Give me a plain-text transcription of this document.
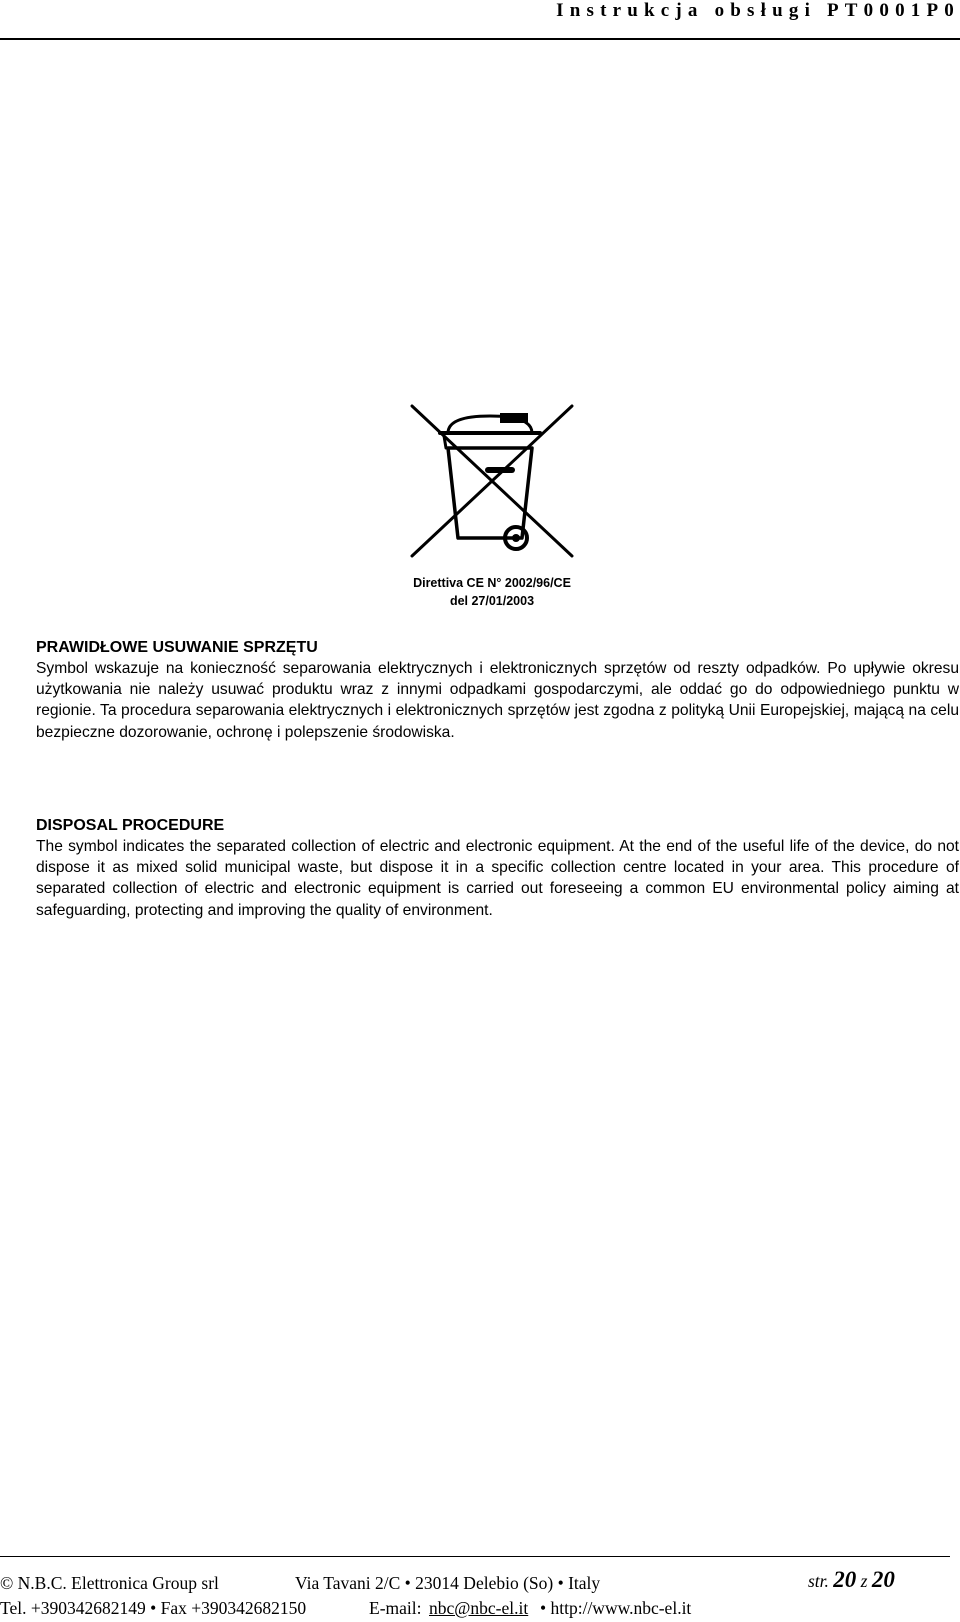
Instrukcja obsługi PT0001P0
Direttiva CE N° 2002/96/CE
del 27/01/2003
PRAWIDŁOWE USUWANIE SPRZĘTU

Symbol wskazuje na konieczność separowania elektrycznych i elektronicznych sprzętów od reszty odpadków. Po upływie okresu użytkowania nie należy usuwać produktu wraz z innymi odpadkami gospodarczymi, ale oddać go do odpowiedniego punktu w regionie. Ta procedura separowania elektrycznych i elektronicznych sprzętów jest zgodna z polityką Unii Europejskiej, mającą na celu bezpieczne dozorowanie, ochronę i polepszenie środowiska.

DISPOSAL PROCEDURE

The symbol indicates the separated collection of electric and electronic equipment. At the end of the useful life of the device, do not dispose it as mixed solid municipal waste, but dispose it in a specific collection centre located in your area. This procedure of separated collection of electric and electronic equipment is carried out foreseeing a common EU environmental policy aiming at safeguarding, protecting and improving the quality of environment.

© N.B.C. Elettronica Group srl	Via Tavani 2/C • 23014 Delebio (So) • Italy	str. 20 z 20
Tel. +390342682149 • Fax +390342682150	E-mail: nbc@nbc-el.it • http://www.nbc-el.it
